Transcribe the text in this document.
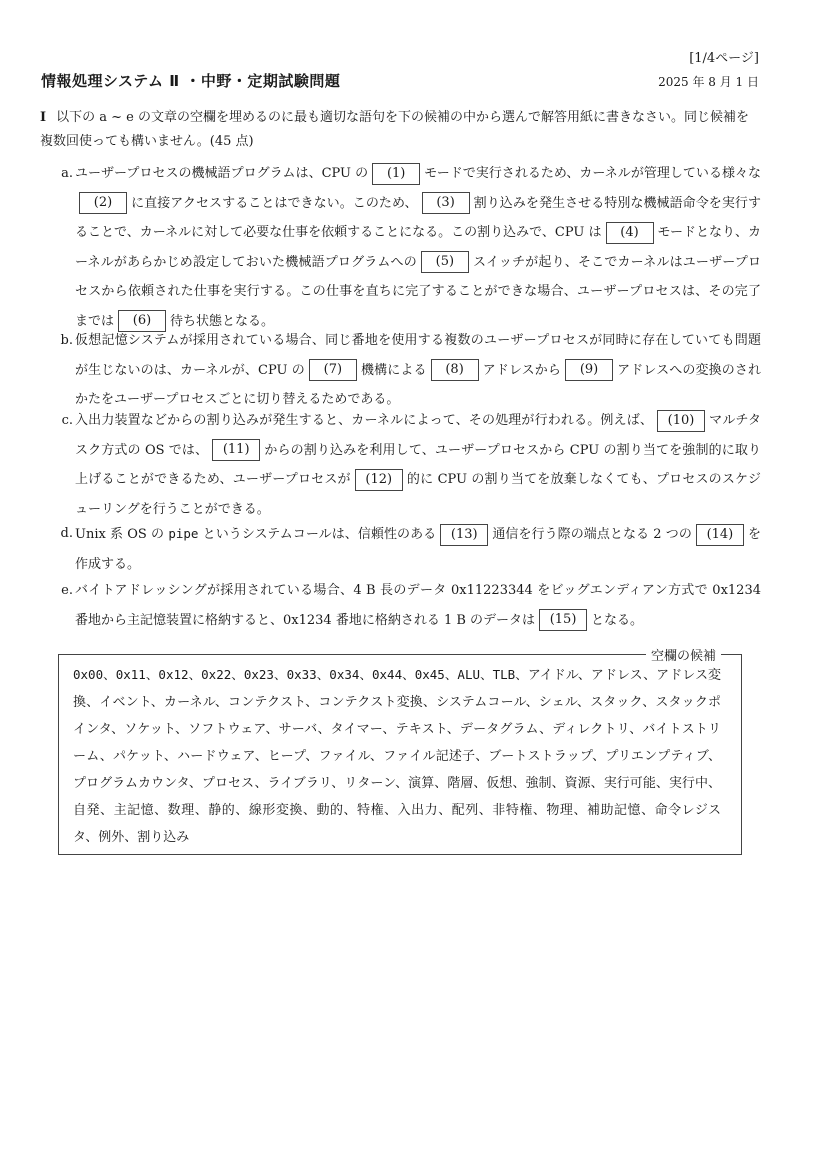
[1/4ページ]
情報処理システム Ⅱ ・中野・定期試験問題	2025 年 8 月 1 日
I 以下の a ~ e の文章の空欄を埋めるのに最も適切な語句を下の候補の中から選んで解答用紙に書きなさい。同じ候補を複数回使っても構いません。(45 点)
a. ユーザープロセスの機械語プログラムは、CPU の (1) モードで実行されるため、カーネルが管理している様々な(2) に直接アクセスすることはできない。このため、 (3) 割り込みを発生させる特別な機械語命令を実行することで、カーネルに対して必要な仕事を依頼することになる。この割り込みで、CPU は (4) モードとなり、カーネルがあらかじめ設定しておいた機械語プログラムへの (5) スイッチが起り、そこでカーネルはユーザープロセスから依頼された仕事を実行する。この仕事を直ちに完了することができな場合、ユーザープロセスは、その完了までは (6) 待ち状態となる。
b. 仮想記憶システムが採用されている場合、同じ番地を使用する複数のユーザープロセスが同時に存在していても問題が生じないのは、カーネルが、CPU の (7) 機構による (8) アドレスから (9) アドレスへの変換のされかたをユーザープロセスごとに切り替えるためである。
c. 入出力装置などからの割り込みが発生すると、カーネルによって、その処理が行われる。例えば、 (10) マルチタスク方式の OS では、 (11) からの割り込みを利用して、ユーザープロセスから CPU の割り当てを強制的に取り上げることができるため、ユーザープロセスが (12) 的に CPU の割り当てを放棄しなくても、プロセスのスケジューリングを行うことができる。
d. Unix 系 OS の pipe というシステムコールは、信頼性のある (13) 通信を行う際の端点となる 2 つの (14) を作成する。
e. バイトアドレッシングが採用されている場合、4 B 長のデータ 0x11223344 をビッグエンディアン方式で 0x1234 番地から主記憶装置に格納すると、0x1234 番地に格納される 1 B のデータは (15) となる。
空欄の候補
0x00、0x11、0x12、0x22、0x23、0x33、0x34、0x44、0x45、ALU、TLB、アイドル、アドレス、アドレス変換、イベント、カーネル、コンテクスト、コンテクスト変換、システムコール、シェル、スタック、スタックポインタ、ソケット、ソフトウェア、サーバ、タイマー、テキスト、データグラム、ディレクトリ、バイトストリーム、パケット、ハードウェア、ヒープ、ファイル、ファイル記述子、ブートストラップ、プリエンプティブ、プログラムカウンタ、プロセス、ライブラリ、リターン、演算、階層、仮想、強制、資源、実行可能、実行中、自発、主記憶、数理、静的、線形変換、動的、特権、入出力、配列、非特権、物理、補助記憶、命令レジスタ、例外、割り込み
